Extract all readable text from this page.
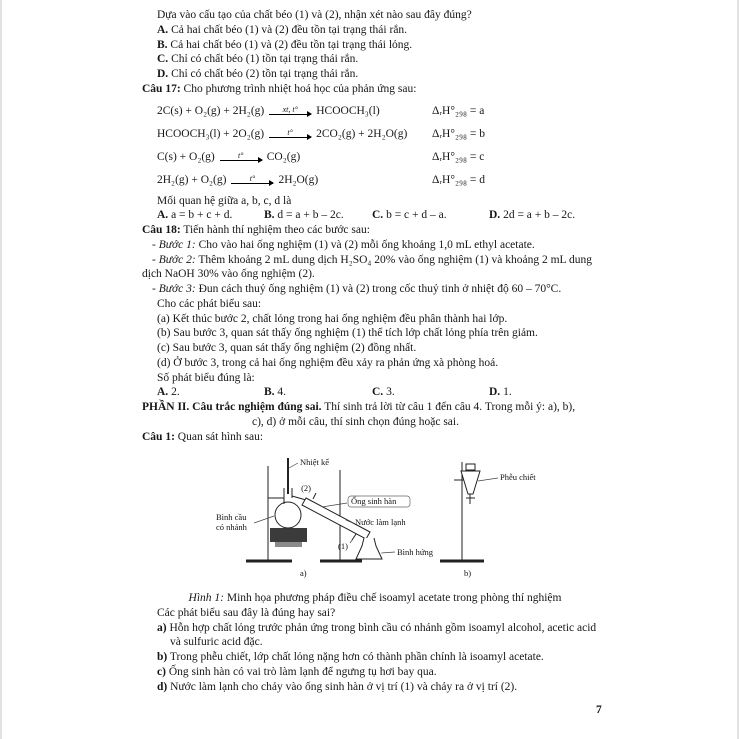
Dựa vào cấu tạo của chất béo (1) và (2), nhận xét nào sau đây đúng?
A. Cả hai chất béo (1) và (2) đều tồn tại trạng thái rắn.
B. Cả hai chất béo (1) và (2) đều tồn tại trạng thái lỏng.
C. Chỉ có chất béo (1) tồn tại trạng thái rắn.
D. Chỉ có chất béo (2) tồn tại trạng thái rắn.
Câu 17: Cho phương trình nhiệt hoá học của phản ứng sau:
2C(s) + O₂(g) + 2H₂(g) xt, t° HCOOCH₃(l)	ΔᵣH°₂₉₈ = a
HCOOCH₃(l) + 2O₂(g)	t° 2CO₂(g) + 2H₂O(g) ΔᵣH°₂₉₈ = b
C(s) + O₂(g)	t° CO₂(g)	ΔᵣH°₂₉₈ = c
2H₂(g) + O₂(g)	t° 2H₂O(g)	ΔᵣH°₂₉₈ = d
Mối quan hệ giữa a, b, c, d là
A. a = b + c + d.	B. d = a + b – 2c.	C. b = c + d – a.	D. 2d = a + b – 2c.
Câu 18: Tiến hành thí nghiệm theo các bước sau:

- Bước 1: Cho vào hai ống nghiệm (1) và (2) mỗi ống khoảng 1,0 mL ethyl acetate.

- Bước 2: Thêm khoảng 2 mL dung dịch H₂SO₄ 20% vào ống nghiệm (1) và khoảng 2 mL dung dịch NaOH 30% vào ống nghiệm (2).

- Bước 3: Đun cách thuỷ ống nghiệm (1) và (2) trong cốc thuỷ tinh ở nhiệt độ 60 – 70°C.

Cho các phát biểu sau:
(a) Kết thúc bước 2, chất lỏng trong hai ống nghiệm đều phân thành hai lớp.
(b) Sau bước 3, quan sát thấy ống nghiệm (1) thể tích lớp chất lỏng phía trên giảm.
(c) Sau bước 3, quan sát thấy ống nghiệm (2) đồng nhất.
(d) Ở bước 3, trong cả hai ống nghiệm đều xảy ra phản ứng xà phòng hoá.
Số phát biểu đúng là:
A. 2.	B. 4.	C. 3.	D. 1.
PHẦN II. Câu trắc nghiệm đúng sai. Thí sinh trả lời từ câu 1 đến câu 4. Trong mỗi ý: a), b),
c), d) ở mỗi câu, thí sinh chọn đúng hoặc sai.
Câu 1: Quan sát hình sau:
Nhiệt kế
Phễu chiết
(2)
Ống sinh hàn
Bình cầu
có nhánh	Nước làm lạnh
(1)
Bình hứng
a)	b)
Hình 1: Minh họa phương pháp điều chế isoamyl acetate trong phòng thí nghiệm
Các phát biểu sau đây là đúng hay sai?

a) Hỗn hợp chất lỏng trước phản ứng trong bình cầu có nhánh gồm isoamyl alcohol, acetic acid và sulfuric acid đặc.

b) Trong phễu chiết, lớp chất lỏng nặng hơn có thành phần chính là isoamyl acetate.

c) Ống sinh hàn có vai trò làm lạnh để ngưng tụ hơi bay qua.

d) Nước làm lạnh cho chảy vào ống sinh hàn ở vị trí (1) và chảy ra ở vị trí (2).

7
